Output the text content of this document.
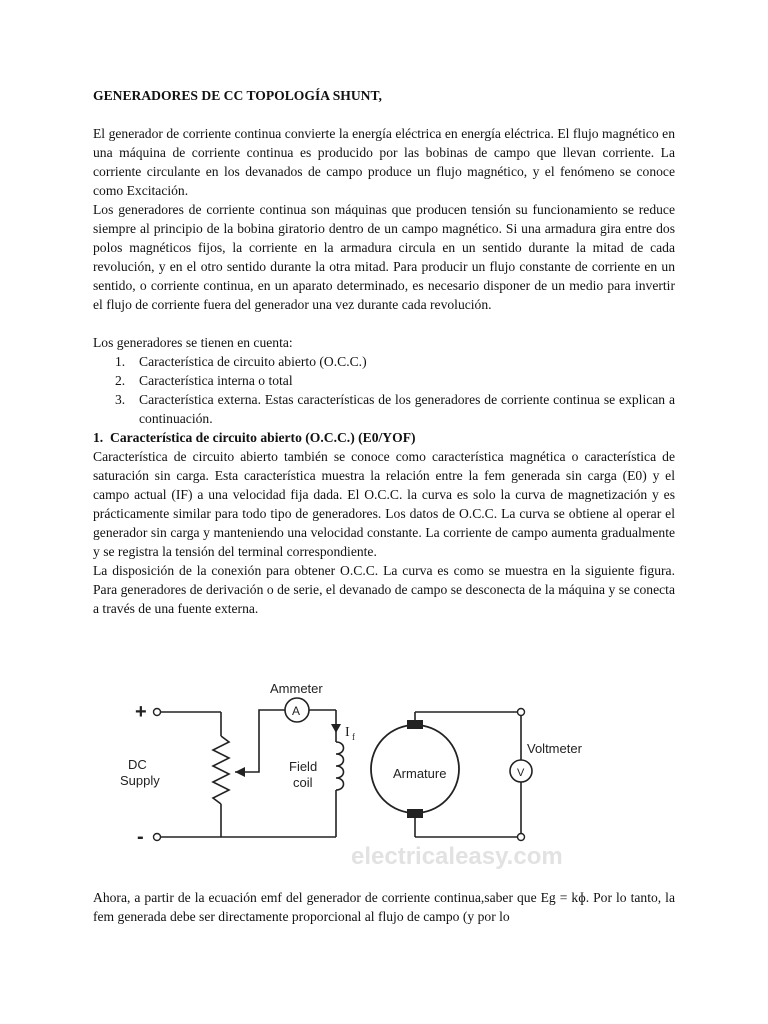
GENERADORES DE CC TOPOLOGÍA SHUNT,

El generador de corriente continua convierte la energía eléctrica en energía eléctrica. El flujo magnético en una máquina de corriente continua es producido por las bobinas de campo que llevan corriente. La corriente circulante en los devanados de campo produce un flujo magnético, y el fenómeno se conoce como Excitación.

Los generadores de corriente continua son máquinas que producen tensión su funcionamiento se reduce siempre al principio de la bobina giratorio dentro de un campo magnético. Si una armadura gira entre dos polos magnéticos fijos, la corriente en la armadura circula en un sentido durante la mitad de cada revolución, y en el otro sentido durante la otra mitad. Para producir un flujo constante de corriente en un sentido, o corriente continua, en un aparato determinado, es necesario disponer de un medio para invertir el flujo de corriente fuera del generador una vez durante cada revolución.

Los generadores se tienen en cuenta:

1. Característica de circuito abierto (O.C.C.)
2. Característica interna o total
3. Característica externa. Estas características de los generadores de corriente continua se explican a continuación.
1. Característica de circuito abierto (O.C.C.) (E0/YOF)

Característica de circuito abierto también se conoce como característica magnética o característica de saturación sin carga. Esta característica muestra la relación entre la fem generada sin carga (E0) y el campo actual (IF) a una velocidad fija dada. El O.C.C. la curva es solo la curva de magnetización y es prácticamente similar para todo tipo de generadores. Los datos de O.C.C. La curva se obtiene al operar el generador sin carga y manteniendo una velocidad constante. La corriente de campo aumenta gradualmente y se registra la tensión del terminal correspondiente.

La disposición de la conexión para obtener O.C.C. La curva es como se muestra en la siguiente figura. Para generadores de derivación o de serie, el devanado de campo se desconecta de la máquina y se conecta a través de una fuente externa.

+
-
DC
Supply
Ammeter
A
I f
Field
coil
Armature
Voltmeter
V
electricaleasy.com

Ahora, a partir de la ecuación emf del generador de corriente continua,saber que Eg = kɸ. Por lo tanto, la fem generada debe ser directamente proporcional al flujo de campo (y por lo
